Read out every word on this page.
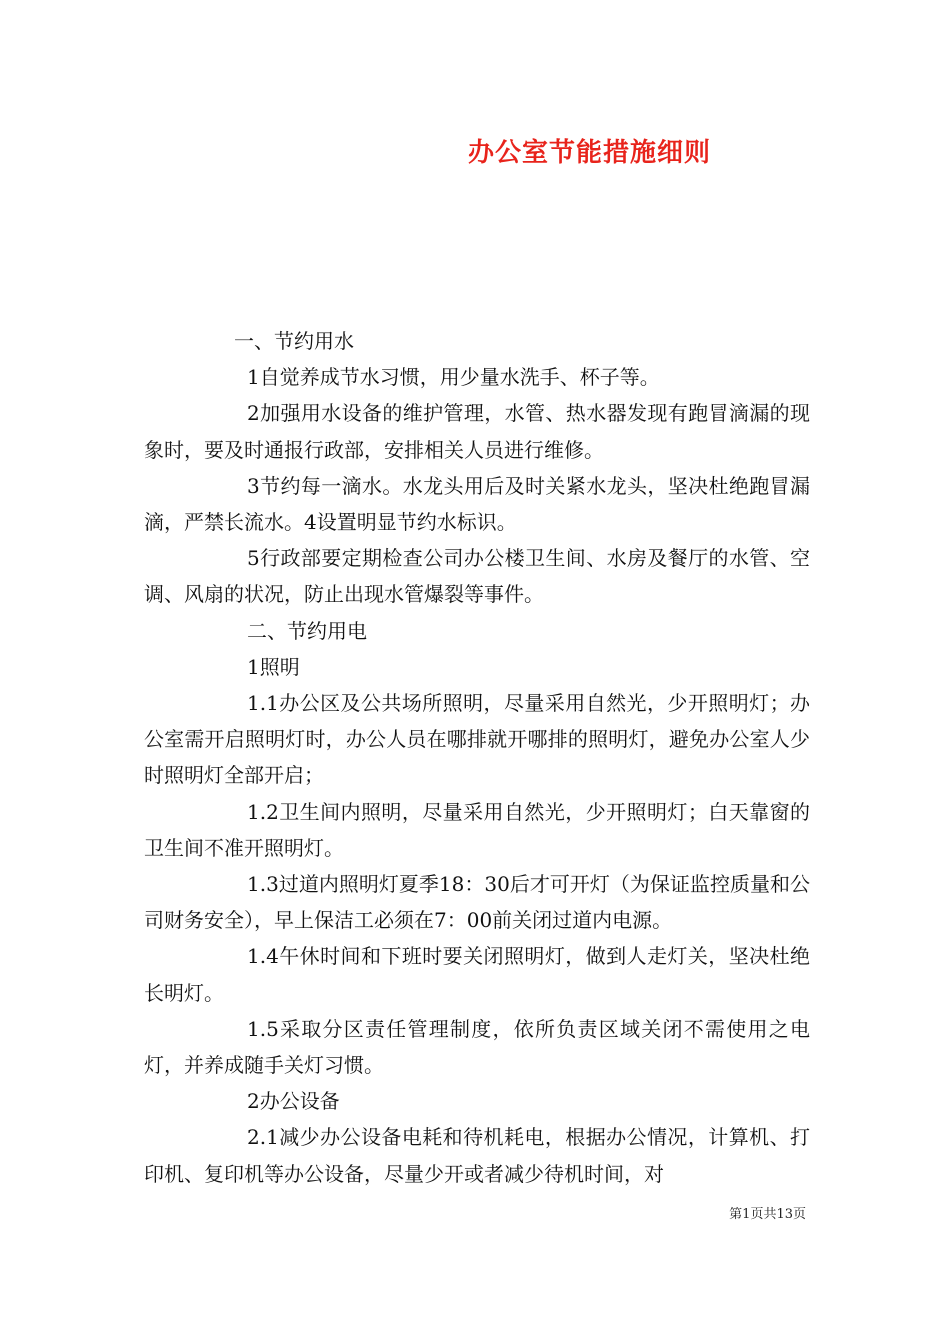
办公室节能措施细则

一、节约用水

1自觉养成节水习惯，用少量水洗手、杯子等。

2加强用水设备的维护管理，水管、热水器发现有跑冒滴漏的现象时，要及时通报行政部，安排相关人员进行维修。

3节约每一滴水。水龙头用后及时关紧水龙头，坚决杜绝跑冒漏滴，严禁长流水。4设置明显节约水标识。

5行政部要定期检查公司办公楼卫生间、水房及餐厅的水管、空调、风扇的状况，防止出现水管爆裂等事件。

二、节约用电

1照明

1.1办公区及公共场所照明，尽量采用自然光，少开照明灯；办公室需开启照明灯时，办公人员在哪排就开哪排的照明灯，避免办公室人少时照明灯全部开启；

1.2卫生间内照明，尽量采用自然光，少开照明灯；白天靠窗的卫生间不准开照明灯。

1.3过道内照明灯夏季18：30后才可开灯（为保证监控质量和公司财务安全），早上保洁工必须在7：00前关闭过道内电源。

1.4午休时间和下班时要关闭照明灯，做到人走灯关，坚决杜绝长明灯。

1.5采取分区责任管理制度，依所负责区域关闭不需使用之电灯，并养成随手关灯习惯。

2办公设备

2.1减少办公设备电耗和待机耗电，根据办公情况，计算机、打印机、复印机等办公设备，尽量少开或者减少待机时间，对

第1页共13页
